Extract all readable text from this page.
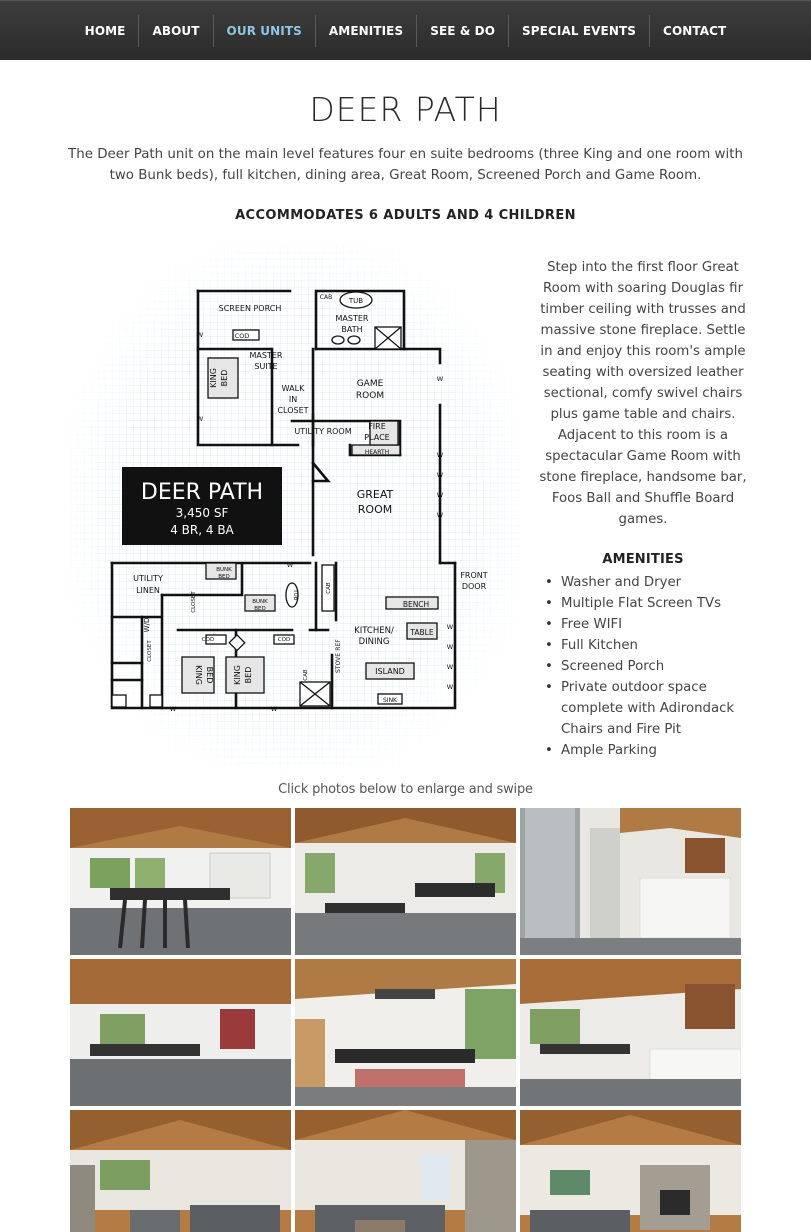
HOME	ABOUT	OUR UNITS	AMENITIES	SEE & DO	SPECIAL EVENTS	CONTACT
DEER PATH

The Deer Path unit on the main level features four en suite bedrooms (three King and one room with two Bunk beds), full kitchen, dining area, Great Room, Screened Porch and Game Room.

ACCOMMODATES 6 ADULTS AND 4 CHILDREN

DEER PATH
3,450 SF
4 BR, 4 BA
SCREEN PORCH
COD
CAB TUB
MASTER
BATH
MASTER
SUITE
WALK
IN
CLOSET
GAME
ROOM
UTILITY ROOM
FIRE
PLACE
HEARTH
GREAT
ROOM
FRONT
DOOR
UTILITY
LINEN
BUNK
BED
BUNK
BED
COD	COD
BENCH
KITCHEN/
DINING
TABLE
ISLAND
SINK
KING BED
KING BED KING BED
CLOSET	TUB
CAB
W/D
CLOSET
CAB
STOVE
REF
W
W
W
W
W
W
W	W
W
W
W
W
W
W

Step into the first floor Great Room with soaring Douglas fir timber ceiling with trusses and massive stone fireplace. Settle in and enjoy this room's ample seating with oversized leather sectional, comfy swivel chairs plus game table and chairs. Adjacent to this room is a spectacular Game Room with stone fireplace, handsome bar, Foos Ball and Shuffle Board games.

AMENITIES
• Washer and Dryer
• Multiple Flat Screen TVs
• Free WIFI
• Full Kitchen
• Screened Porch
• Private outdoor space complete with Adirondack Chairs and Fire Pit
• Ample Parking

Click photos below to enlarge and swipe
